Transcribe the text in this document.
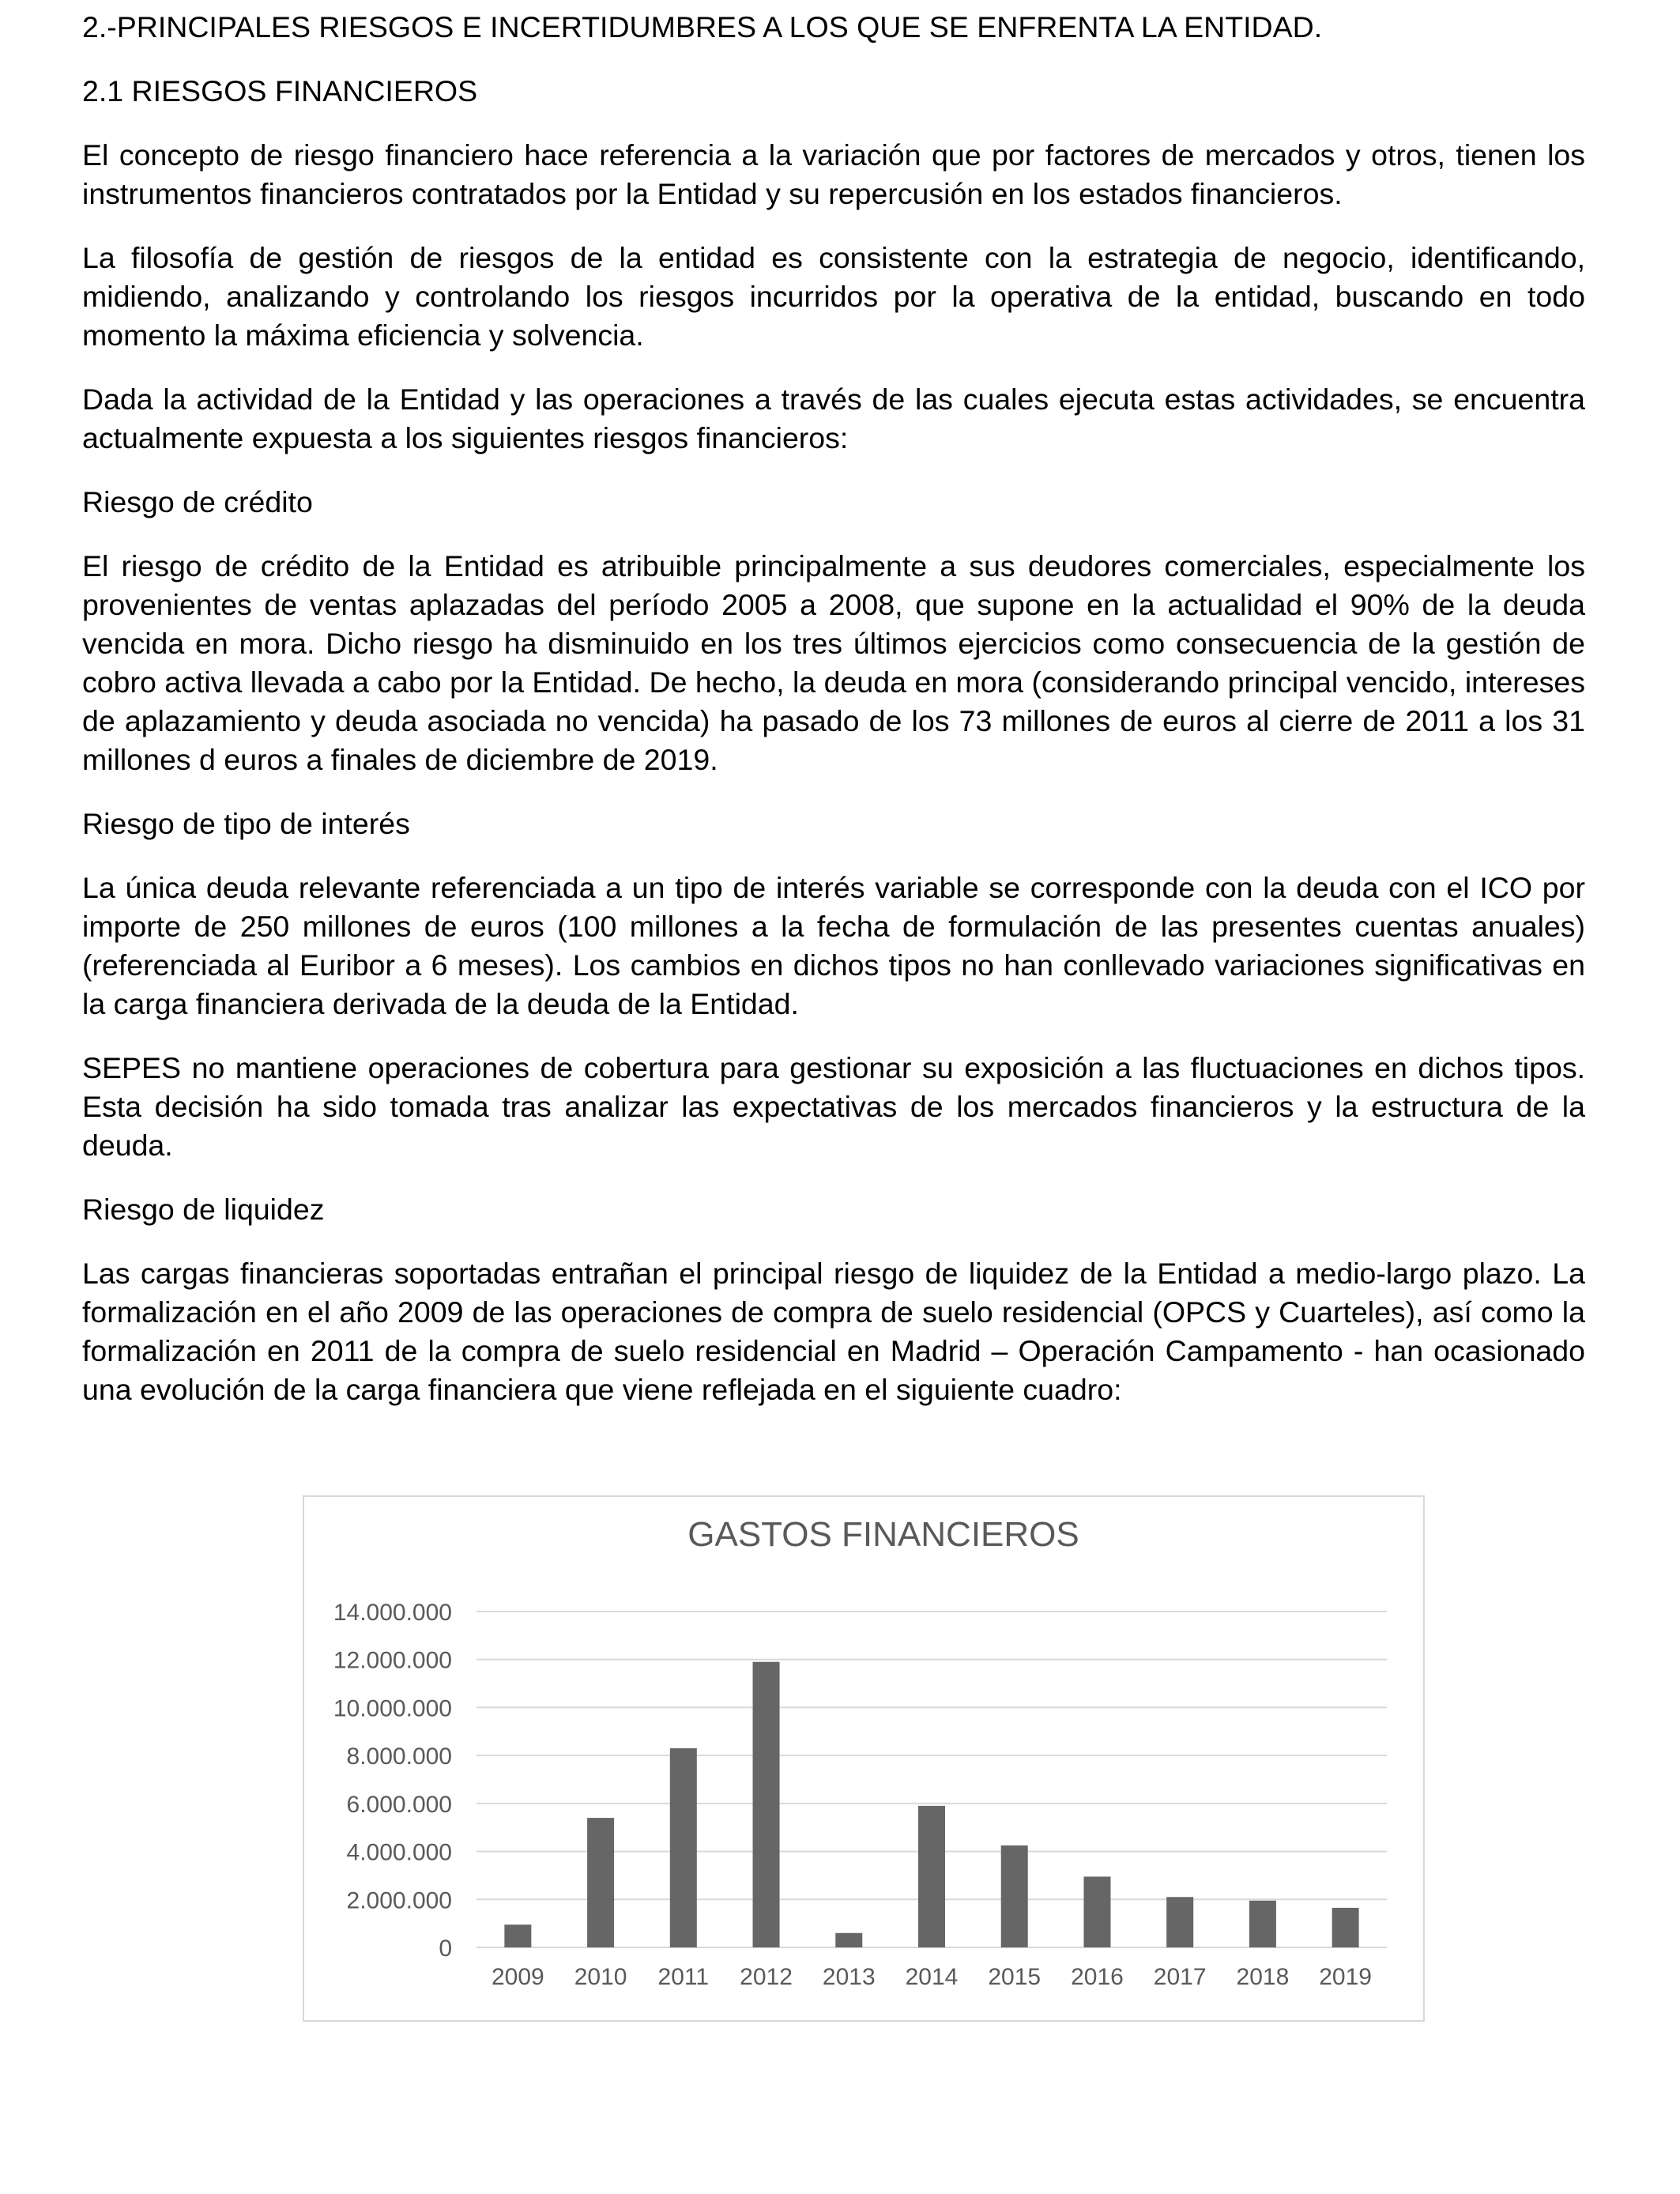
2.-PRINCIPALES RIESGOS E INCERTIDUMBRES A LOS QUE SE ENFRENTA LA ENTIDAD.

2.1 RIESGOS FINANCIEROS

El concepto de riesgo financiero hace referencia a la variación que por factores de mercados y otros, tienen los instrumentos financieros contratados por la Entidad y su repercusión en los estados financieros.

La filosofía de gestión de riesgos de la entidad es consistente con la estrategia de negocio, identificando, midiendo, analizando y controlando los riesgos incurridos por la operativa de la entidad, buscando en todo momento la máxima eficiencia y solvencia.

Dada la actividad de la Entidad y las operaciones a través de las cuales ejecuta estas actividades, se encuentra actualmente expuesta a los siguientes riesgos financieros:

Riesgo de crédito

El riesgo de crédito de la Entidad es atribuible principalmente a sus deudores comerciales, especialmente los provenientes de ventas aplazadas del período 2005 a 2008, que supone en la actualidad el 90% de la deuda vencida en mora. Dicho riesgo ha disminuido en los tres últimos ejercicios como consecuencia de la gestión de cobro activa llevada a cabo por la Entidad. De hecho, la deuda en mora (considerando principal vencido, intereses de aplazamiento y deuda asociada no vencida) ha pasado de los 73 millones de euros al cierre de 2011 a los 31 millones d euros a finales de diciembre de 2019.

Riesgo de tipo de interés

La única deuda relevante referenciada a un tipo de interés variable se corresponde con la deuda con el ICO por importe de 250 millones de euros (100 millones a la fecha de formulación de las presentes cuentas anuales) (referenciada al Euribor a 6 meses). Los cambios en dichos tipos no han conllevado variaciones significativas en la carga financiera derivada de la deuda de la Entidad.

SEPES no mantiene operaciones de cobertura para gestionar su exposición a las fluctuaciones en dichos tipos. Esta decisión ha sido tomada tras analizar las expectativas de los mercados financieros y la estructura de la deuda.

Riesgo de liquidez

Las cargas financieras soportadas entrañan el principal riesgo de liquidez de la Entidad a medio-largo plazo. La formalización en el año 2009 de las operaciones de compra de suelo residencial (OPCS y Cuarteles), así como la formalización en 2011 de la compra de suelo residencial en Madrid – Operación Campamento - han ocasionado una evolución de la carga financiera que viene reflejada en el siguiente cuadro:

GASTOS FINANCIEROS
0
2.000.000
4.000.000
6.000.000
8.000.000
10.000.000
12.000.000
14.000.000
2009 2010 2011 2012 2013 2014 2015 2016 2017 2018 2019
